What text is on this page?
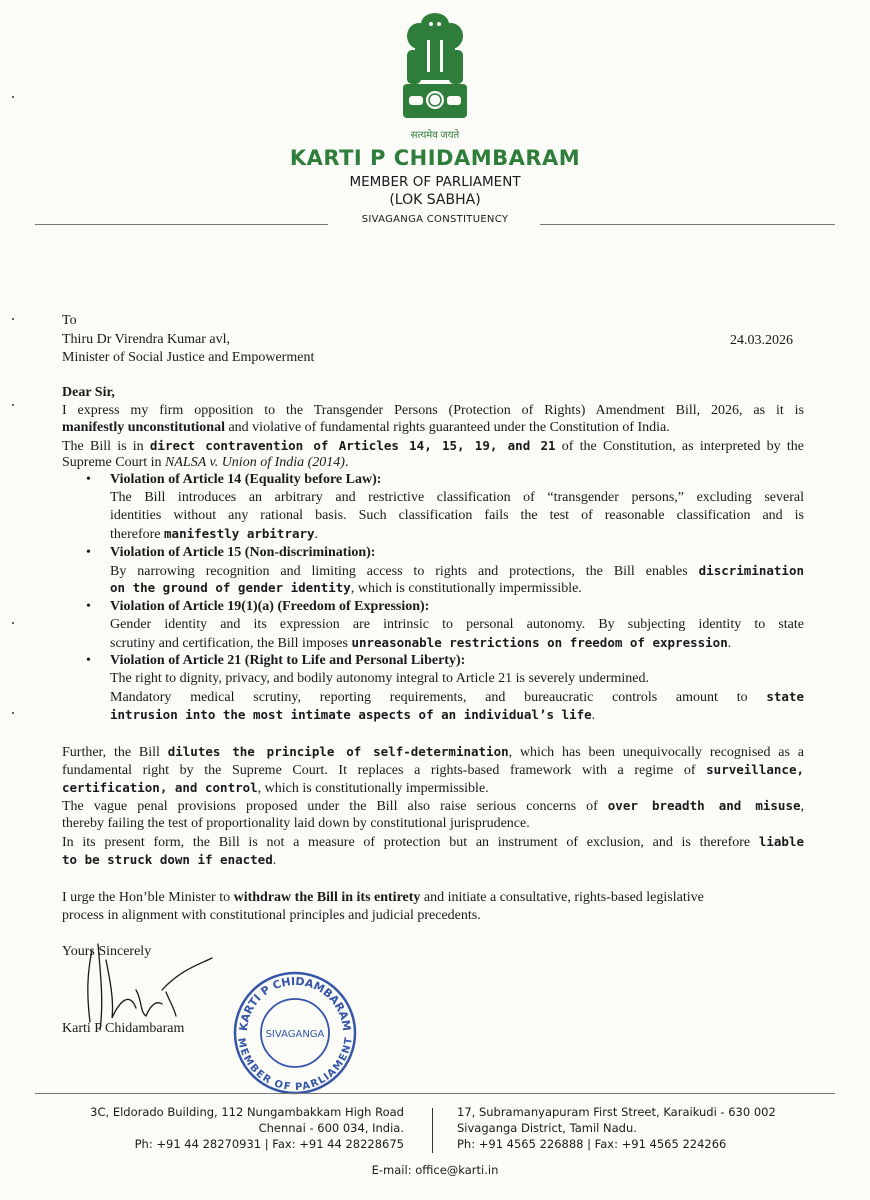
सत्यमेव जयते
KARTI P CHIDAMBARAM
MEMBER OF PARLIAMENT
(LOK SABHA)
SIVAGANGA CONSTITUENCY
To
Thiru Dr Virendra Kumar avl,
Minister of Social Justice and Empowerment
24.03.2026
Dear Sir,
I express my firm opposition to the Transgender Persons (Protection of Rights) Amendment Bill, 2026, as it is
manifestly unconstitutional and violative of fundamental rights guaranteed under the Constitution of India.
The Bill is in direct contravention of Articles 14, 15, 19, and 21 of the Constitution, as interpreted by the
Supreme Court in NALSA v. Union of India (2014).
• Violation of Article 14 (Equality before Law):
The Bill introduces an arbitrary and restrictive classification of “transgender persons,” excluding several
identities without any rational basis. Such classification fails the test of reasonable classification and is
therefore manifestly arbitrary.
• Violation of Article 15 (Non-discrimination):
By narrowing recognition and limiting access to rights and protections, the Bill enables discrimination
on the ground of gender identity, which is constitutionally impermissible.
• Violation of Article 19(1)(a) (Freedom of Expression):
Gender identity and its expression are intrinsic to personal autonomy. By subjecting identity to state
scrutiny and certification, the Bill imposes unreasonable restrictions on freedom of expression.
• Violation of Article 21 (Right to Life and Personal Liberty):
The right to dignity, privacy, and bodily autonomy integral to Article 21 is severely undermined.
Mandatory medical scrutiny, reporting requirements, and bureaucratic controls amount to state
intrusion into the most intimate aspects of an individual’s life.
Further, the Bill dilutes the principle of self-determination, which has been unequivocally recognised as a
fundamental right by the Supreme Court. It replaces a rights-based framework with a regime of surveillance,
certification, and control, which is constitutionally impermissible.
The vague penal provisions proposed under the Bill also raise serious concerns of over breadth and misuse,
thereby failing the test of proportionality laid down by constitutional jurisprudence.
In its present form, the Bill is not a measure of protection but an instrument of exclusion, and is therefore liable
to be struck down if enacted.
I urge the Hon’ble Minister to withdraw the Bill in its entirety and initiate a consultative, rights-based legislative
process in alignment with constitutional principles and judicial precedents.
Yours Sincerely
Karti P Chidambaram	KARTI P CHIDAMBARAM
MEMBER OF PARLIAMENT
SIVAGANGA
3C, Eldorado Building, 112 Nungambakkam High Road
Chennai - 600 034, India.
Ph: +91 44 28270931 | Fax: +91 44 28228675
17, Subramanyapuram First Street, Karaikudi - 630 002
Sivaganga District, Tamil Nadu.
Ph: +91 4565 226888 | Fax: +91 4565 224266
E-mail: office@karti.in
